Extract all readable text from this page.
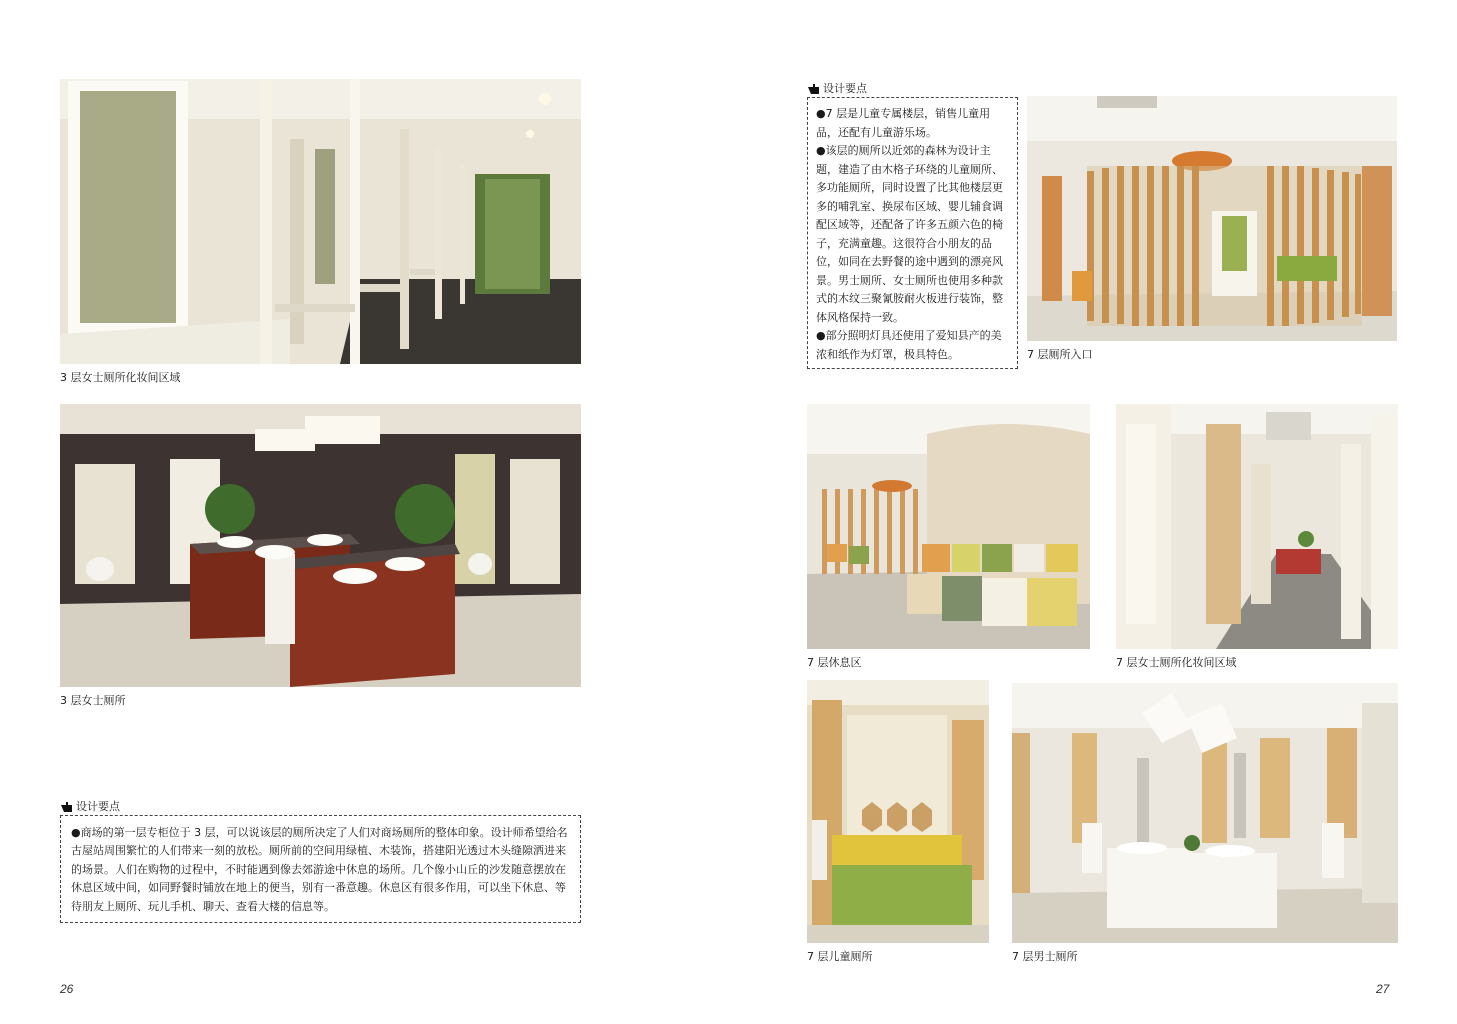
3 层女士厕所化妆间区域
3 层女士厕所
设计要点
●商场的第一层专柜位于 3 层，可以说该层的厕所决定了人们对商场厕所的整体印象。设计师希望给名古屋站周围繁忙的人们带来一刻的放松。厕所前的空间用绿植、木装饰，搭建阳光透过木头缝隙洒进来的场景。人们在购物的过程中，不时能遇到像去郊游途中休息的场所。几个像小山丘的沙发随意摆放在休息区域中间，如同野餐时铺放在地上的便当，别有一番意趣。休息区有很多作用，可以坐下休息、等待朋友上厕所、玩儿手机、聊天、查看大楼的信息等。
26
设计要点
●7 层是儿童专属楼层，销售儿童用品，还配有儿童游乐场。
●该层的厕所以近郊的森林为设计主题，建造了由木格子环绕的儿童厕所、多功能厕所，同时设置了比其他楼层更多的哺乳室、换尿布区域、婴儿辅食调配区域等，还配备了许多五颜六色的椅子，充满童趣。这很符合小朋友的品位，如同在去野餐的途中遇到的漂亮风景。男士厕所、女士厕所也使用多种款式的木纹三聚氰胺耐火板进行装饰，整体风格保持一致。
●部分照明灯具还使用了爱知县产的美浓和纸作为灯罩，极具特色。	7 层厕所入口
7 层休息区	7 层女士厕所化妆间区域
7 层儿童厕所	7 层男士厕所
27
